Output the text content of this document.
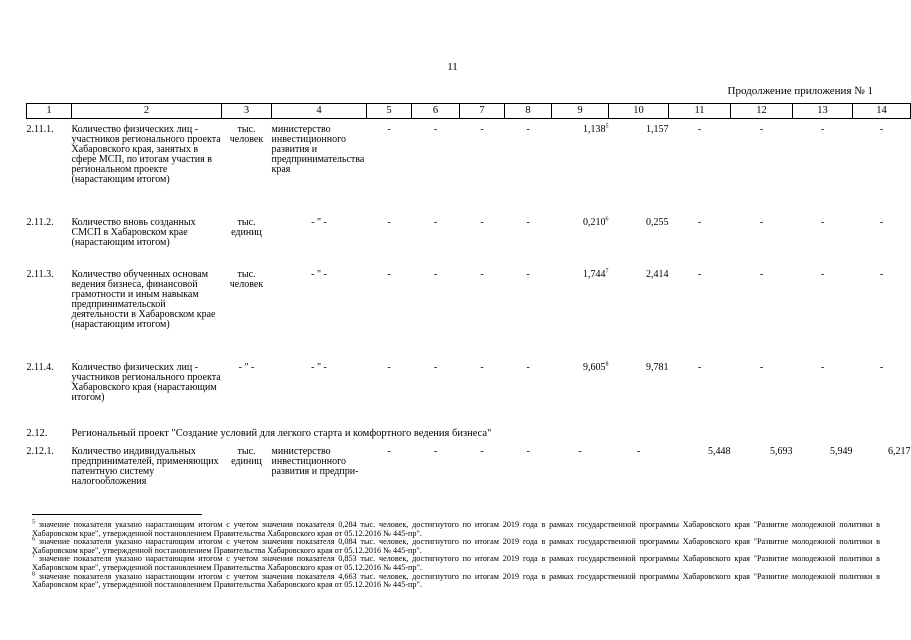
11
Продолжение приложения № 1
1	2	3	4	5	6	7	8	9	10	11	12	13	14

2.11.1.	Количество физических лиц - участников регионального проекта Хабаровского края, занятых в сфере МСП, по итогам участия в региональном проекте (нарастающим итогом)	тыс. человек	министерство инвестиционного развития и предпринимательства края	-	-	-	-	1,138$^5$	1,157	-	-	-	-
2.11.2.	Количество вновь созданных СМСП в Хабаровском крае (нарастающим итогом)	тыс. единиц	- " -	-	-	-	-	0,210$^6$	0,255	-	-	-	-
2.11.3.	Количество обученных основам ведения бизнеса, финансовой грамотности и иным навыкам предпринимательской деятельности в Хабаровском крае (нарастающим итогом)	тыс. человек	- " -	-	-	-	-	1,744$^7$	2,414	-	-	-	-
2.11.4.	Количество физических лиц - участников регионального проекта Хабаровского края (нарастающим итогом)	- " -	- " -	-	-	-	-	9,605$^8$	9,781	-	-	-	-
2.12.	Региональный проект "Создание условий для легкого старта и комфортного ведения бизнеса"												
2.12.1.	Количество индивидуальных предпринимателей, применяющих патентную систему налогообложения	тыс. единиц	министерство инвестиционного развития и предпри-	-	-	-	-	-	-	5,448	5,693	5,949	6,217

$^5$ значение показателя указано нарастающим итогом с учетом значения показателя 0,284 тыс. человек, достигнутого по итогам 2019 года в рамках государственной программы Хабаровского края "Развитие молодежной политики в Хабаровском крае", утвержденной постановлением Правительства Хабаровского края от 05.12.2016 № 445-пр".

$^6$ значение показателя указано нарастающим итогом с учетом значения показателя 0,084 тыс. человек, достигнутого по итогам 2019 года в рамках государственной программы Хабаровского края "Развитие молодежной политики в Хабаровском крае", утвержденной постановлением Правительства Хабаровского края от 05.12.2016 № 445-пр".

$^7$ значение показателя указано нарастающим итогом с учетом значения показателя 0,853 тыс. человек, достигнутого по итогам 2019 года в рамках государственной программы Хабаровского края "Развитие молодежной политики в Хабаровском крае", утвержденной постановлением Правительства Хабаровского края от 05.12.2016 № 445-пр".

$^8$ значение показателя указано нарастающим итогом с учетом значения показателя 4,663 тыс. человек, достигнутого по итогам 2019 года в рамках государственной программы Хабаровского края "Развитие молодежной политики в Хабаровском крае", утвержденной постановлением Правительства Хабаровского края от 05.12.2016 № 445-пр".
